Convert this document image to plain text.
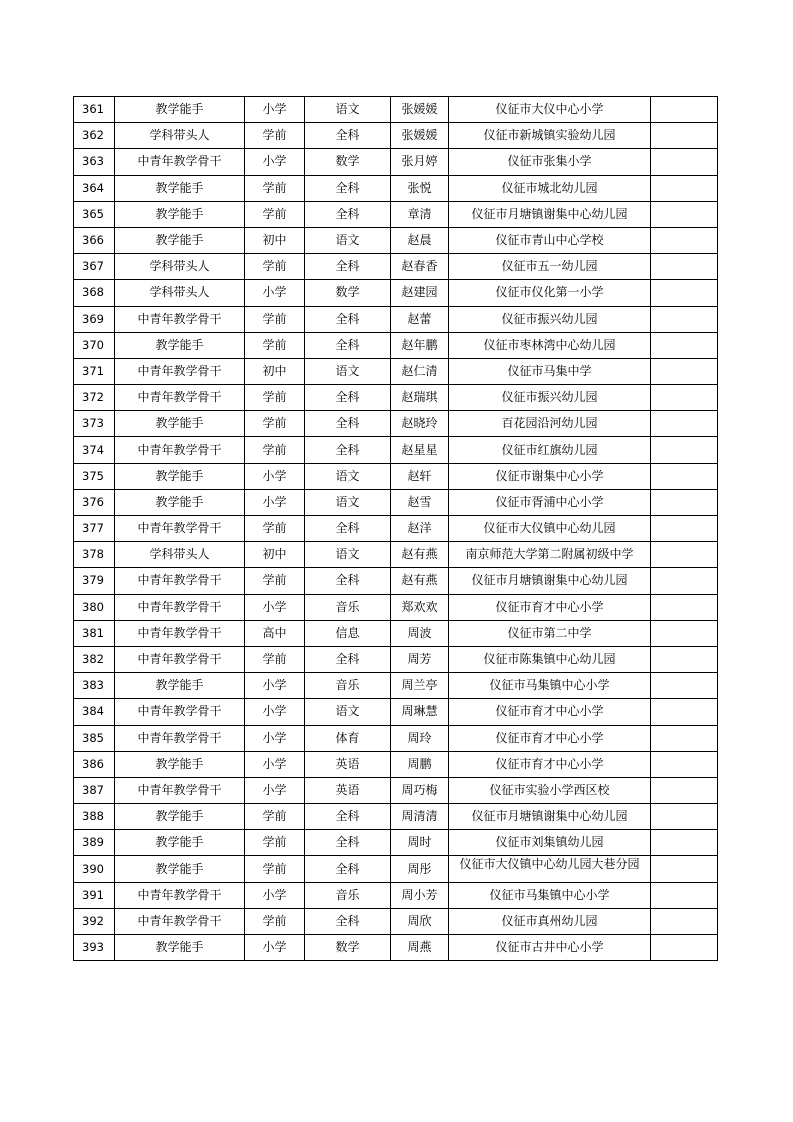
361	教学能手	小学	语文	张媛媛	仪征市大仪中心小学	
362	学科带头人	学前	全科	张媛媛	仪征市新城镇实验幼儿园	
363	中青年教学骨干	小学	数学	张月婷	仪征市张集小学	
364	教学能手	学前	全科	张悦	仪征市城北幼儿园	
365	教学能手	学前	全科	章清	仪征市月塘镇谢集中心幼儿园	
366	教学能手	初中	语文	赵晨	仪征市青山中心学校	
367	学科带头人	学前	全科	赵春香	仪征市五一幼儿园	
368	学科带头人	小学	数学	赵建园	仪征市仪化第一小学	
369	中青年教学骨干	学前	全科	赵蕾	仪征市振兴幼儿园	
370	教学能手	学前	全科	赵年鹏	仪征市枣林湾中心幼儿园	
371	中青年教学骨干	初中	语文	赵仁清	仪征市马集中学	
372	中青年教学骨干	学前	全科	赵瑞琪	仪征市振兴幼儿园	
373	教学能手	学前	全科	赵晓玲	百花园沿河幼儿园	
374	中青年教学骨干	学前	全科	赵星星	仪征市红旗幼儿园	
375	教学能手	小学	语文	赵轩	仪征市谢集中心小学	
376	教学能手	小学	语文	赵雪	仪征市胥浦中心小学	
377	中青年教学骨干	学前	全科	赵洋	仪征市大仪镇中心幼儿园	
378	学科带头人	初中	语文	赵有燕	南京师范大学第二附属初级中学	
379	中青年教学骨干	学前	全科	赵有燕	仪征市月塘镇谢集中心幼儿园	
380	中青年教学骨干	小学	音乐	郑欢欢	仪征市育才中心小学	
381	中青年教学骨干	高中	信息	周波	仪征市第二中学	
382	中青年教学骨干	学前	全科	周芳	仪征市陈集镇中心幼儿园	
383	教学能手	小学	音乐	周兰亭	仪征市马集镇中心小学	
384	中青年教学骨干	小学	语文	周琳慧	仪征市育才中心小学	
385	中青年教学骨干	小学	体育	周玲	仪征市育才中心小学	
386	教学能手	小学	英语	周鹏	仪征市育才中心小学	
387	中青年教学骨干	小学	英语	周巧梅	仪征市实验小学西区校	
388	教学能手	学前	全科	周清清	仪征市月塘镇谢集中心幼儿园	
389	教学能手	学前	全科	周时	仪征市刘集镇幼儿园	
390	教学能手	学前	全科	周彤	仪征市大仪镇中心幼儿园大巷分园	
391	中青年教学骨干	小学	音乐	周小芳	仪征市马集镇中心小学	
392	中青年教学骨干	学前	全科	周欣	仪征市真州幼儿园	
393	教学能手	小学	数学	周燕	仪征市古井中心小学	
